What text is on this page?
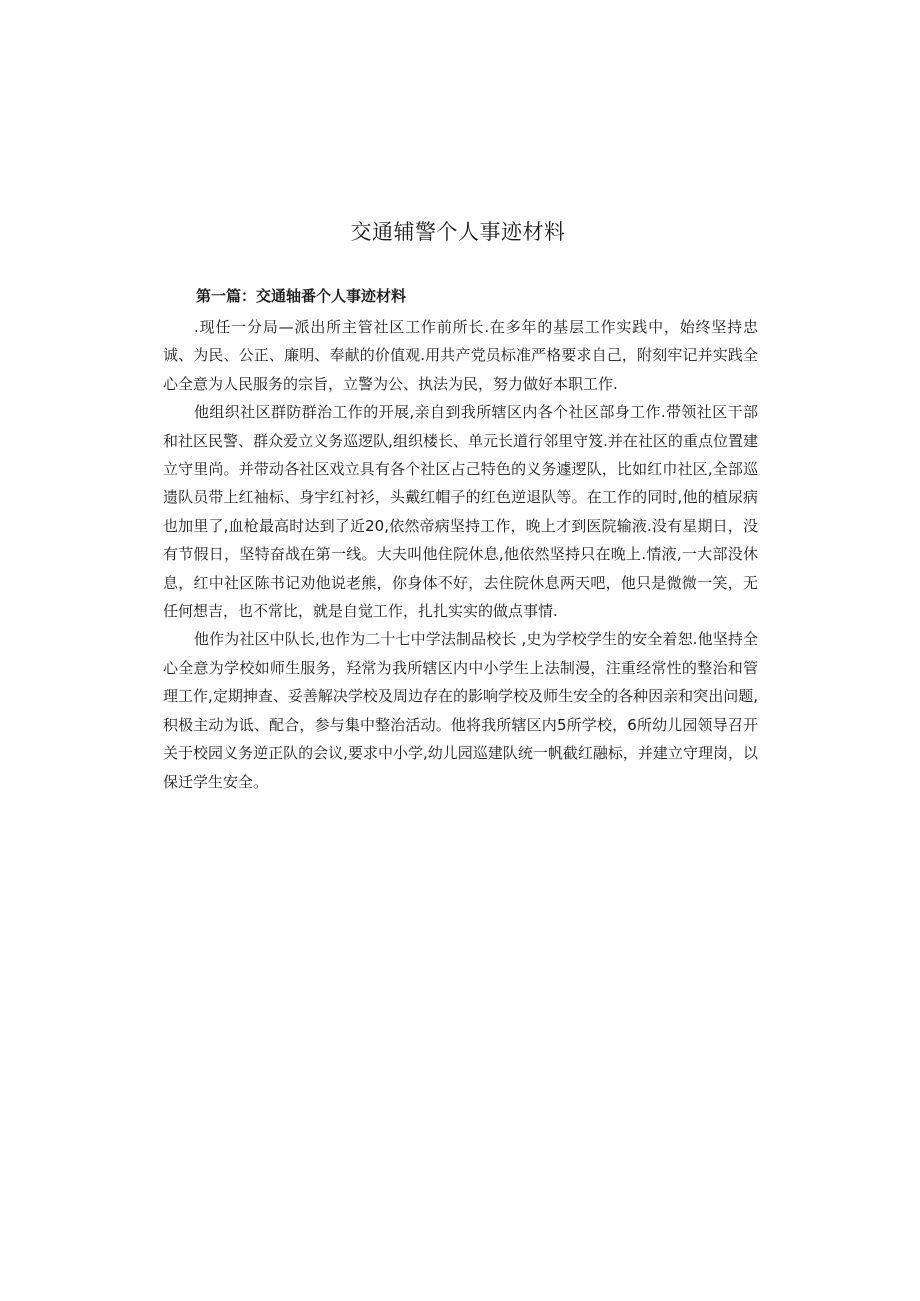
交通辅警个人事迹材料
第一篇：交通轴番个人事迹材料

.现任一分局—派出所主管社区工作前所长.在多年的基层工作实践中，始终坚持忠诚、为民、公正、廉明、奉献的价值观.用共产党员标准严格要求自己，附刻牢记并实践全心全意为人民服务的宗旨，立警为公、执法为民，努力做好本职工作.

他组织社区群防群治工作的开展,亲自到我所辖区内各个社区部身工作.带领社区干部和社区民警、群众爱立义务巡逻队,组织楼长、单元长道行邻里守笈.并在社区的重点位置建立守里尚。并带动各社区戏立具有各个社区占己特色的义务遽逻队，比如红巾社区,全部巡遗队员带上红袖标、身宇红衬衫，头戴红帽子的红色逆退队等。在工作的同时,他的植尿病也加里了,血枪最高时达到了近20,依然帝病坚持工作，晚上才到医院输液.没有星期日，没有节假日，坚特奋战在第一线。大夫叫他住院休息,他依然坚持只在晚上.情液,一大部没休息，红中社区陈书记劝他说老熊，你身体不好，去住院休息两天吧，他只是微微一笑，无任何想吉，也不常比，就是自觉工作，扎扎实实的做点事情.

他作为社区中队长,也作为二十七中学法制品校长 ,史为学校学生的安全着恕.他坚持全心全意为学校如师生服务，羟常为我所辖区内中小学生上法制漫，注重经常性的整治和管理工作,定期抻查、妥善解决学校及周边存在的影响学校及师生安全的各种因亲和突出问题,积极主动为诋、配合，参与集中整治活动。他将我所辖区内5所学校，6所幼儿园领导召开关于校园义务逆正队的会议,要求中小学,幼儿园巡建队统一帆截红融标，并建立守理岗，以保迁学生安全。
